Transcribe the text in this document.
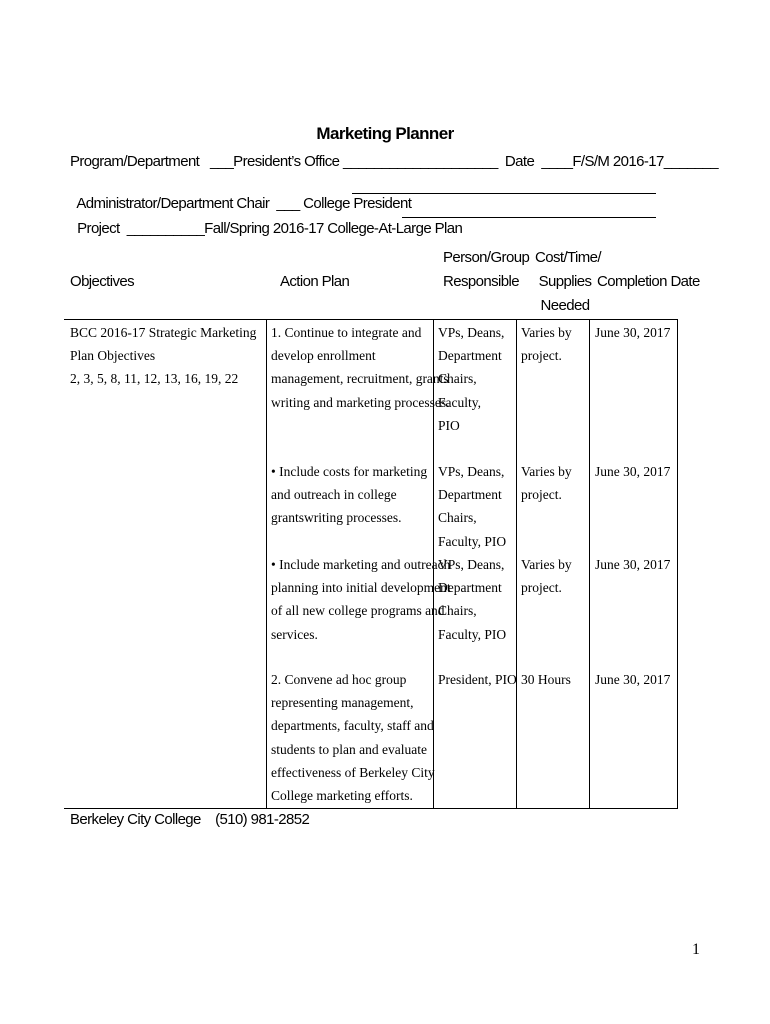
Marketing Planner
Program/Department   ___President’s Office ____________________  Date  ____F/S/M 2016-17_______

Administrator/Department Chair  ___ College President

Project  __________Fall/Spring 2016-17 College-At-Large Plan

Objectives	Action Plan
Person/Group
Responsible
Cost/Time/
Supplies
Needed
Completion Date
BCC 2016-17 Strategic Marketing
Plan Objectives
2, 3, 5, 8, 11, 12, 13, 16, 19, 22
1. Continue to integrate and
develop enrollment
management, recruitment, grants
writing and marketing processes.
VPs, Deans,
Department
Chairs,
Faculty,
PIO
Varies by
project.
June 30, 2017
• Include costs for marketing
and outreach in college
grantswriting processes.
VPs, Deans,
Department
Chairs,
Faculty, PIO
Varies by
project.
June 30, 2017
• Include marketing and outreach
planning into initial development
of all new college programs and
services.
VPs, Deans,
Department
Chairs,
Faculty, PIO
Varies by
project.
June 30, 2017
2. Convene ad hoc group
representing management,
departments, faculty, staff and
students to plan and evaluate
effectiveness of Berkeley City
College marketing efforts.
President, PIO 30 Hours June 30, 2017
Berkeley City College    (510) 981-2852
1
